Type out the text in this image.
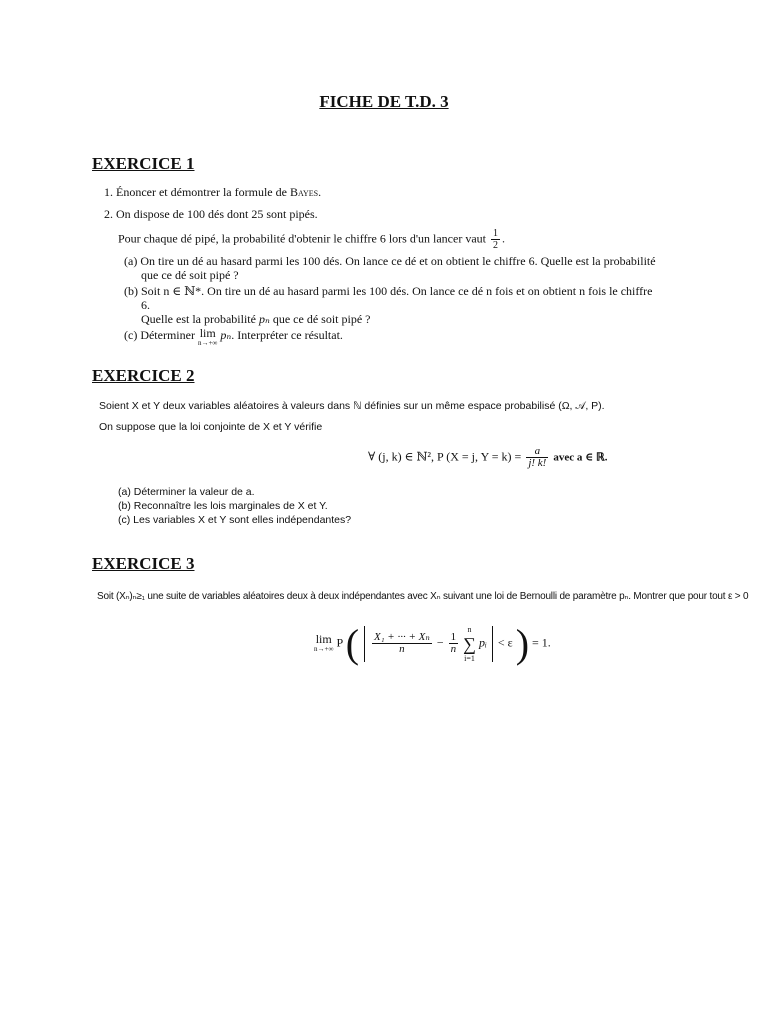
FICHE DE T.D. 3
EXERCICE 1
1. Énoncer et démontrer la formule de Bayes.
2. On dispose de 100 dés dont 25 sont pipés.
Pour chaque dé pipé, la probabilité d'obtenir le chiffre 6 lors d'un lancer vaut $\frac{1}{2}$ .
(a) On tire un dé au hasard parmi les 100 dés. On lance ce dé et on obtient le chiffre 6. Quelle est la probabilité
que ce dé soit pipé ?
(b) Soit n ∈ ℕ*. On tire un dé au hasard parmi les 100 dés. On lance ce dé n fois et on obtient n fois le chiffre
6.
Quelle est la probabilité pₙ que ce dé soit pipé ?
(c) Déterminer lim
n→+∞
pₙ. Interpréter ce résultat.
EXERCICE 2
Soient X et Y deux variables aléatoires à valeurs dans ℕ définies sur un même espace probabilisé (Ω, 𝒜, P).
On suppose que la loi conjointe de X et Y vérifie
∀ (j, k) ∈ ℕ², P (X = j, $Y = k) = \frac{a}{j! k!}$ avec a ∈ ℝ.
(a) Déterminer la valeur de a.
(b) Reconnaître les lois marginales de X et Y.
(c) Les variables X et Y sont elles indépendantes?
EXERCICE 3
Soit (Xₙ)ₙ≥₁ une suite de variables aléatoires deux à deux indépendantes avec Xₙ suivant une loi de Bernoulli de paramètre pₙ. Montrer que pour tout ε > 0
lim
n→+∞ P ( $\frac{\text{X₁ + ··· + Xₙ}}{n} - \frac{1}{n}$
n
∑
i=1 pᵢ < ε ) = 1.
